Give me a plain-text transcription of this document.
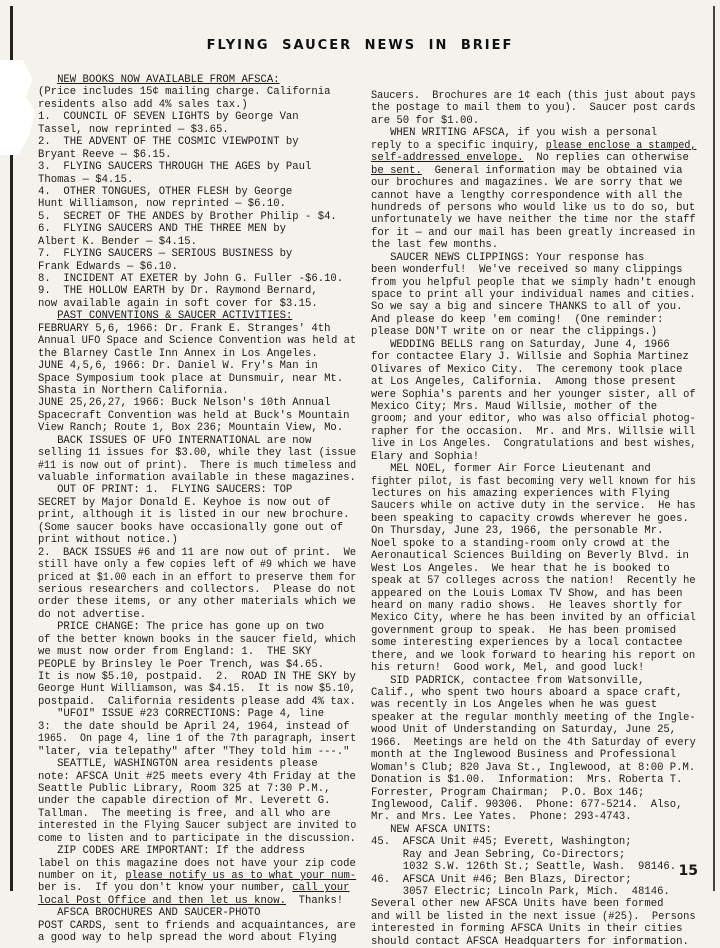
FLYING SAUCER NEWS IN BRIEF
NEW BOOKS NOW AVAILABLE FROM AFSCA:
(Price includes 15¢ mailing charge. California
residents also add 4% sales tax.)
1.  COUNCIL OF SEVEN LIGHTS by George Van
Tassel, now reprinted — $3.65.
2.  THE ADVENT OF THE COSMIC VIEWPOINT by
Bryant Reeve — $6.15.
3.  FLYING SAUCERS THROUGH THE AGES by Paul
Thomas — $4.15.
4.  OTHER TONGUES, OTHER FLESH by George
Hunt Williamson, now reprinted — $6.10.
5.  SECRET OF THE ANDES by Brother Philip - $4.
6.  FLYING SAUCERS AND THE THREE MEN by
Albert K. Bender — $4.15.
7.  FLYING SAUCERS — SERIOUS BUSINESS by
Frank Edwards — $6.10.
8.  INCIDENT AT EXETER by John G. Fuller -$6.10.
9.  THE HOLLOW EARTH by Dr. Raymond Bernard,
now available again in soft cover for $3.15.
PAST CONVENTIONS & SAUCER ACTIVITIES:
FEBRUARY 5,6, 1966: Dr. Frank E. Stranges' 4th
Annual UFO Space and Science Convention was held at
the Blarney Castle Inn Annex in Los Angeles.
JUNE 4,5,6, 1966: Dr. Daniel W. Fry's Man in
Space Symposium took place at Dunsmuir, near Mt.
Shasta in Northern California.
JUNE 25,26,27, 1966: Buck Nelson's 10th Annual
Spacecraft Convention was held at Buck's Mountain
View Ranch; Route 1, Box 236; Mountain View, Mo.
BACK ISSUES OF UFO INTERNATIONAL are now
selling 11 issues for $3.00, while they last (issue
#11 is now out of print).  There is much timeless and
valuable information available in these magazines.
OUT OF PRINT: 1.  FLYING SAUCERS: TOP
SECRET by Major Donald E. Keyhoe is now out of
print, although it is listed in our new brochure.
(Some saucer books have occasionally gone out of
print without notice.)
2.  BACK ISSUES #6 and 11 are now out of print.  We
still have only a few copies left of #9 which we have
priced at $1.00 each in an effort to preserve them for
serious researchers and collectors.  Please do not
order these items, or any other materials which we
do not advertise.
PRICE CHANGE: The price has gone up on two
of the better known books in the saucer field, which
we must now order from England: 1.  THE SKY
PEOPLE by Brinsley le Poer Trench, was $4.65.
It is now $5.10, postpaid.  2.  ROAD IN THE SKY by
George Hunt Williamson, was $4.15.  It is now $5.10,
postpaid.  California residents please add 4% tax.
"UFOI" ISSUE #23 CORRECTIONS: Page 4, line
3:  the date should be April 24, 1964, instead of
1965.  On page 4, line 1 of the 7th paragraph, insert
"later, via telepathy" after "They told him ---."
SEATTLE, WASHINGTON area residents please
note: AFSCA Unit #25 meets every 4th Friday at the
Seattle Public Library, Room 325 at 7:30 P.M.,
under the capable direction of Mr. Leverett G.
Tallman.  The meeting is free, and all who are
interested in the Flying Saucer subject are invited to
come to listen and to participate in the discussion.
ZIP CODES ARE IMPORTANT: If the address
label on this magazine does not have your zip code
number on it, please notify us as to what your num-
ber is.  If you don't know your number, call your
local Post Office and then let us know.  Thanks!
AFSCA BROCHURES AND SAUCER-PHOTO
POST CARDS, sent to friends and acquaintances, are
a good way to help spread the word about Flying
Saucers.  Brochures are 1¢ each (this just about pays
the postage to mail them to you).  Saucer post cards
are 50 for $1.00.
WHEN WRITING AFSCA, if you wish a personal
reply to a specific inquiry, please enclose a stamped,
self-addressed envelope.  No replies can otherwise
be sent.  General information may be obtained via
our brochures and magazines. We are sorry that we
cannot have a lengthy correspondence with all the
hundreds of persons who would like us to do so, but
unfortunately we have neither the time nor the staff
for it — and our mail has been greatly increased in
the last few months.
SAUCER NEWS CLIPPINGS: Your response has
been wonderful!  We've received so many clippings
from you helpful people that we simply hadn't enough
space to print all your individual names and cities.
So we say a big and sincere THANKS to all of you.
And please do keep 'em coming!  (One reminder:
please DON'T write on or near the clippings.)
WEDDING BELLS rang on Saturday, June 4, 1966
for contactee Elary J. Willsie and Sophia Martinez
Olivares of Mexico City.  The ceremony took place
at Los Angeles, California.  Among those present
were Sophia's parents and her younger sister, all of
Mexico City; Mrs. Maud Willsie, mother of the
groom; and your editor, who was also official photog-
rapher for the occasion.  Mr. and Mrs. Willsie will
live in Los Angeles.  Congratulations and best wishes,
Elary and Sophia!
MEL NOEL, former Air Force Lieutenant and
fighter pilot, is fast becoming very well known for his
lectures on his amazing experiences with Flying
Saucers while on active duty in the service.  He has
been speaking to capacity crowds wherever he goes.
On Thursday, June 23, 1966, the personable Mr.
Noel spoke to a standing-room only crowd at the
Aeronautical Sciences Building on Beverly Blvd. in
West Los Angeles.  We hear that he is booked to
speak at 57 colleges across the nation!  Recently he
appeared on the Louis Lomax TV Show, and has been
heard on many radio shows.  He leaves shortly for
Mexico City, where he has been invited by an official
government group to speak.  He has been promised
some interesting experiences by a local contactee
there, and we look forward to hearing his report on
his return!  Good work, Mel, and good luck!
SID PADRICK, contactee from Watsonville,
Calif., who spent two hours aboard a space craft,
was recently in Los Angeles when he was guest
speaker at the regular monthly meeting of the Ingle-
wood Unit of Understanding on Saturday, June 25,
1966.  Meetings are held on the 4th Saturday of every
month at the Inglewood Business and Professional
Woman's Club; 820 Java St., Inglewood, at 8:00 P.M.
Donation is $1.00.  Information:  Mrs. Roberta T.
Forrester, Program Chairman;  P.O. Box 146;
Inglewood, Calif. 90306.  Phone: 677-5214.  Also,
Mr. and Mrs. Lee Yates.  Phone: 293-4743.
NEW AFSCA UNITS:
45.  AFSCA Unit #45; Everett, Washington;
Ray and Jean Sebring, Co-Directors;
1032 S.W. 126th St.; Seattle, Wash.  98146.
46.  AFSCA Unit #46; Ben Blazs, Director;
3057 Electric; Lincoln Park, Mich.  48146.
Several other new AFSCA Units have been formed
and will be listed in the next issue (#25).  Persons
interested in forming AFSCA Units in their cities
should contact AFSCA Headquarters for information.
15
